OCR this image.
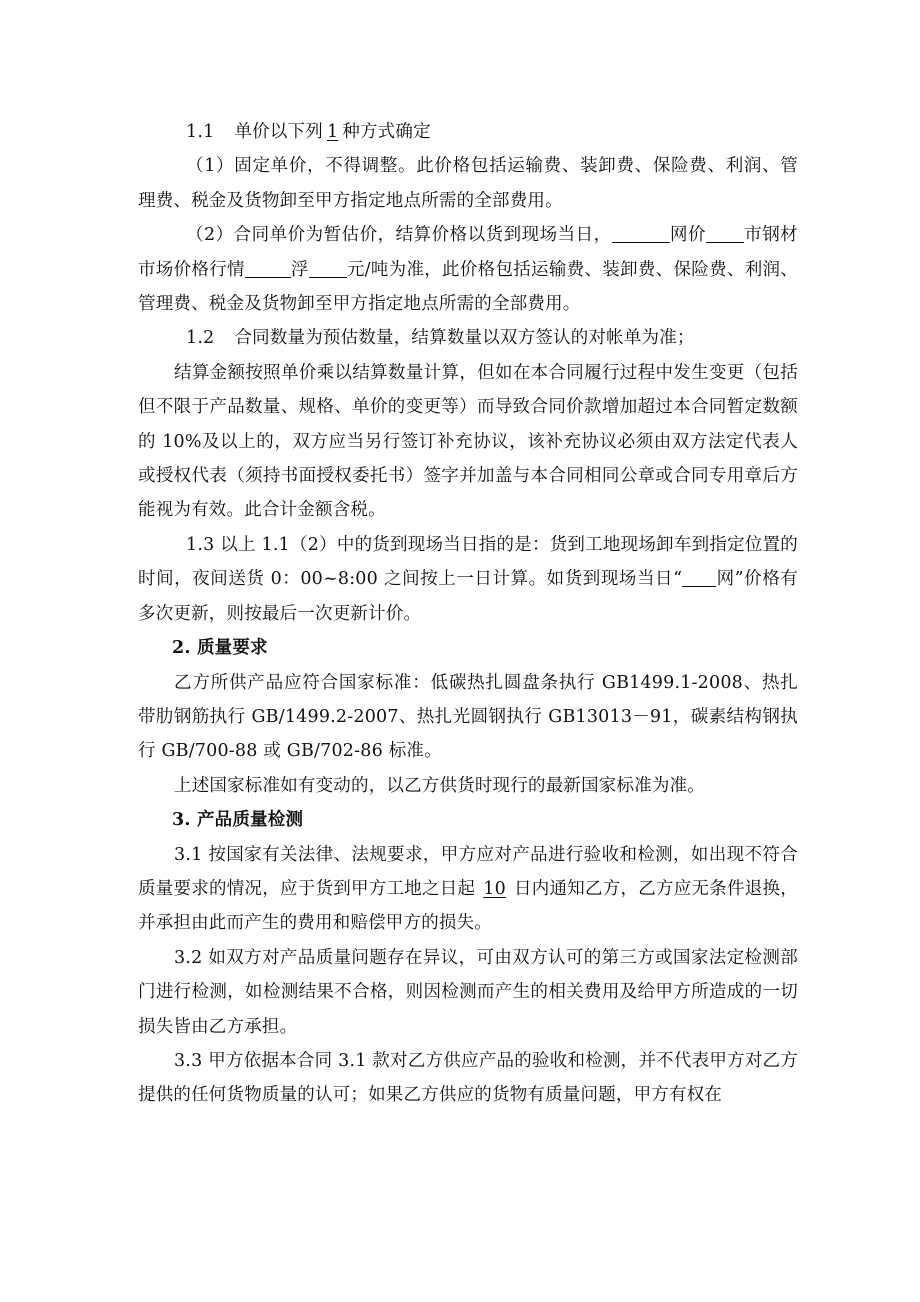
1.1 单价以下列 1 种方式确定

（1）固定单价，不得调整。此价格包括运输费、装卸费、保险费、利润、管理费、税金及货物卸至甲方指定地点所需的全部费用。

（2）合同单价为暂估价，结算价格以货到现场当日，	网价 市钢材市场价格行情	浮 元/吨为准，此价格包括运输费、装卸费、保险费、利润、管理费、税金及货物卸至甲方指定地点所需的全部费用。

1.2 合同数量为预估数量，结算数量以双方签认的对帐单为准；

结算金额按照单价乘以结算数量计算，但如在本合同履行过程中发生变更（包括但不限于产品数量、规格、单价的变更等）而导致合同价款增加超过本合同暂定数额的 10%及以上的，双方应当另行签订补充协议，该补充协议必须由双方法定代表人或授权代表（须持书面授权委托书）签字并加盖与本合同相同公章或合同专用章后方能视为有效。此合计金额含税。

1.3 以上 1.1（2）中的货到现场当日指的是：货到工地现场卸车到指定位置的时间，夜间送货 0：00~8:00 之间按上一日计算。如货到现场当日“ 网”价格有多次更新，则按最后一次更新计价。

2. 质量要求

乙方所供产品应符合国家标准：低碳热扎圆盘条执行 GB1499.1-2008、热扎带肋钢筋执行 GB/1499.2-2007、热扎光圆钢执行 GB13013－91，碳素结构钢执行 GB/700-88 或 GB/702-86 标准。

上述国家标准如有变动的，以乙方供货时现行的最新国家标准为准。

3. 产品质量检测

3.1 按国家有关法律、法规要求，甲方应对产品进行验收和检测，如出现不符合质量要求的情况，应于货到甲方工地之日起 10 日内通知乙方，乙方应无条件退换，并承担由此而产生的费用和赔偿甲方的损失。

3.2 如双方对产品质量问题存在异议，可由双方认可的第三方或国家法定检测部门进行检测，如检测结果不合格，则因检测而产生的相关费用及给甲方所造成的一切损失皆由乙方承担。

3.3 甲方依据本合同 3.1 款对乙方供应产品的验收和检测，并不代表甲方对乙方提供的任何货物质量的认可；如果乙方供应的货物有质量问题，甲方有权在
